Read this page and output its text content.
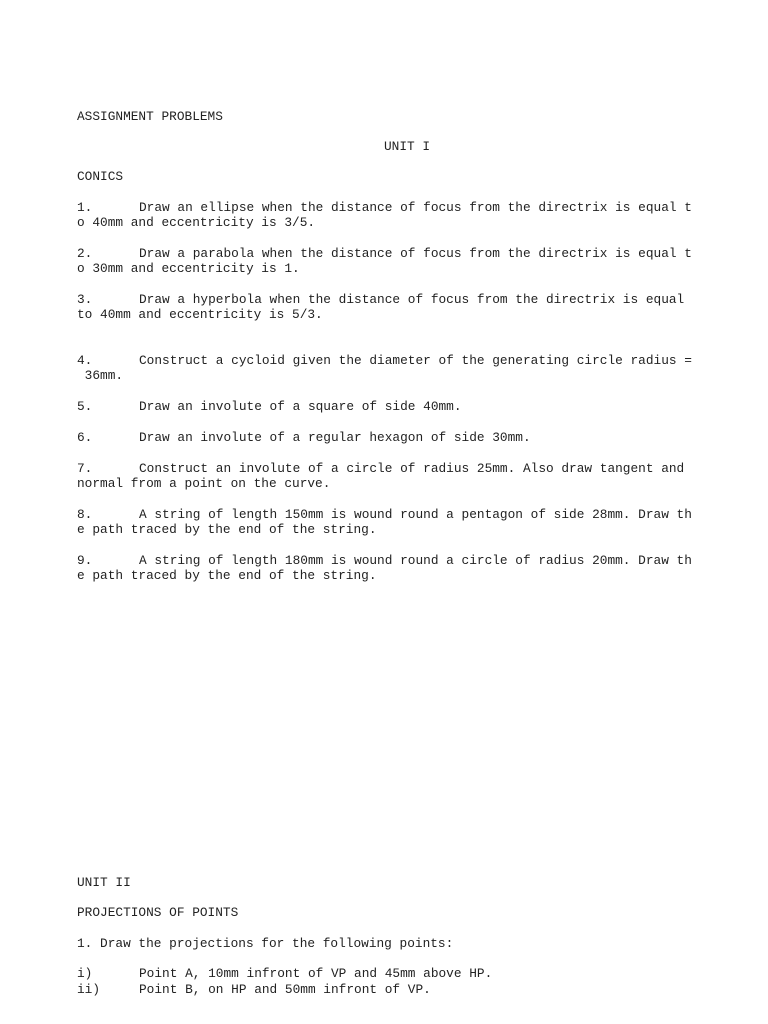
ASSIGNMENT PROBLEMS
UNIT I
CONICS
1.	Draw an ellipse when the distance of focus from the directrix is equal t
o 40mm and eccentricity is 3/5.
2.	Draw a parabola when the distance of focus from the directrix is equal t
o 30mm and eccentricity is 1.
3.	Draw a hyperbola when the distance of focus from the directrix is equal
to 40mm and eccentricity is 5/3.
4.	Construct a cycloid given the diameter of the generating circle radius =
36mm.
5.	Draw an involute of a square of side 40mm.
6.	Draw an involute of a regular hexagon of side 30mm.
7.	Construct an involute of a circle of radius 25mm. Also draw tangent and
normal from a point on the curve.
8.	A string of length 150mm is wound round a pentagon of side 28mm. Draw th
e path traced by the end of the string.
9.	A string of length 180mm is wound round a circle of radius 20mm. Draw th
e path traced by the end of the string.
UNIT II
PROJECTIONS OF POINTS
1. Draw the projections for the following points:
i)	Point A, 10mm infront of VP and 45mm above HP.
ii)	Point B, on HP and 50mm infront of VP.
